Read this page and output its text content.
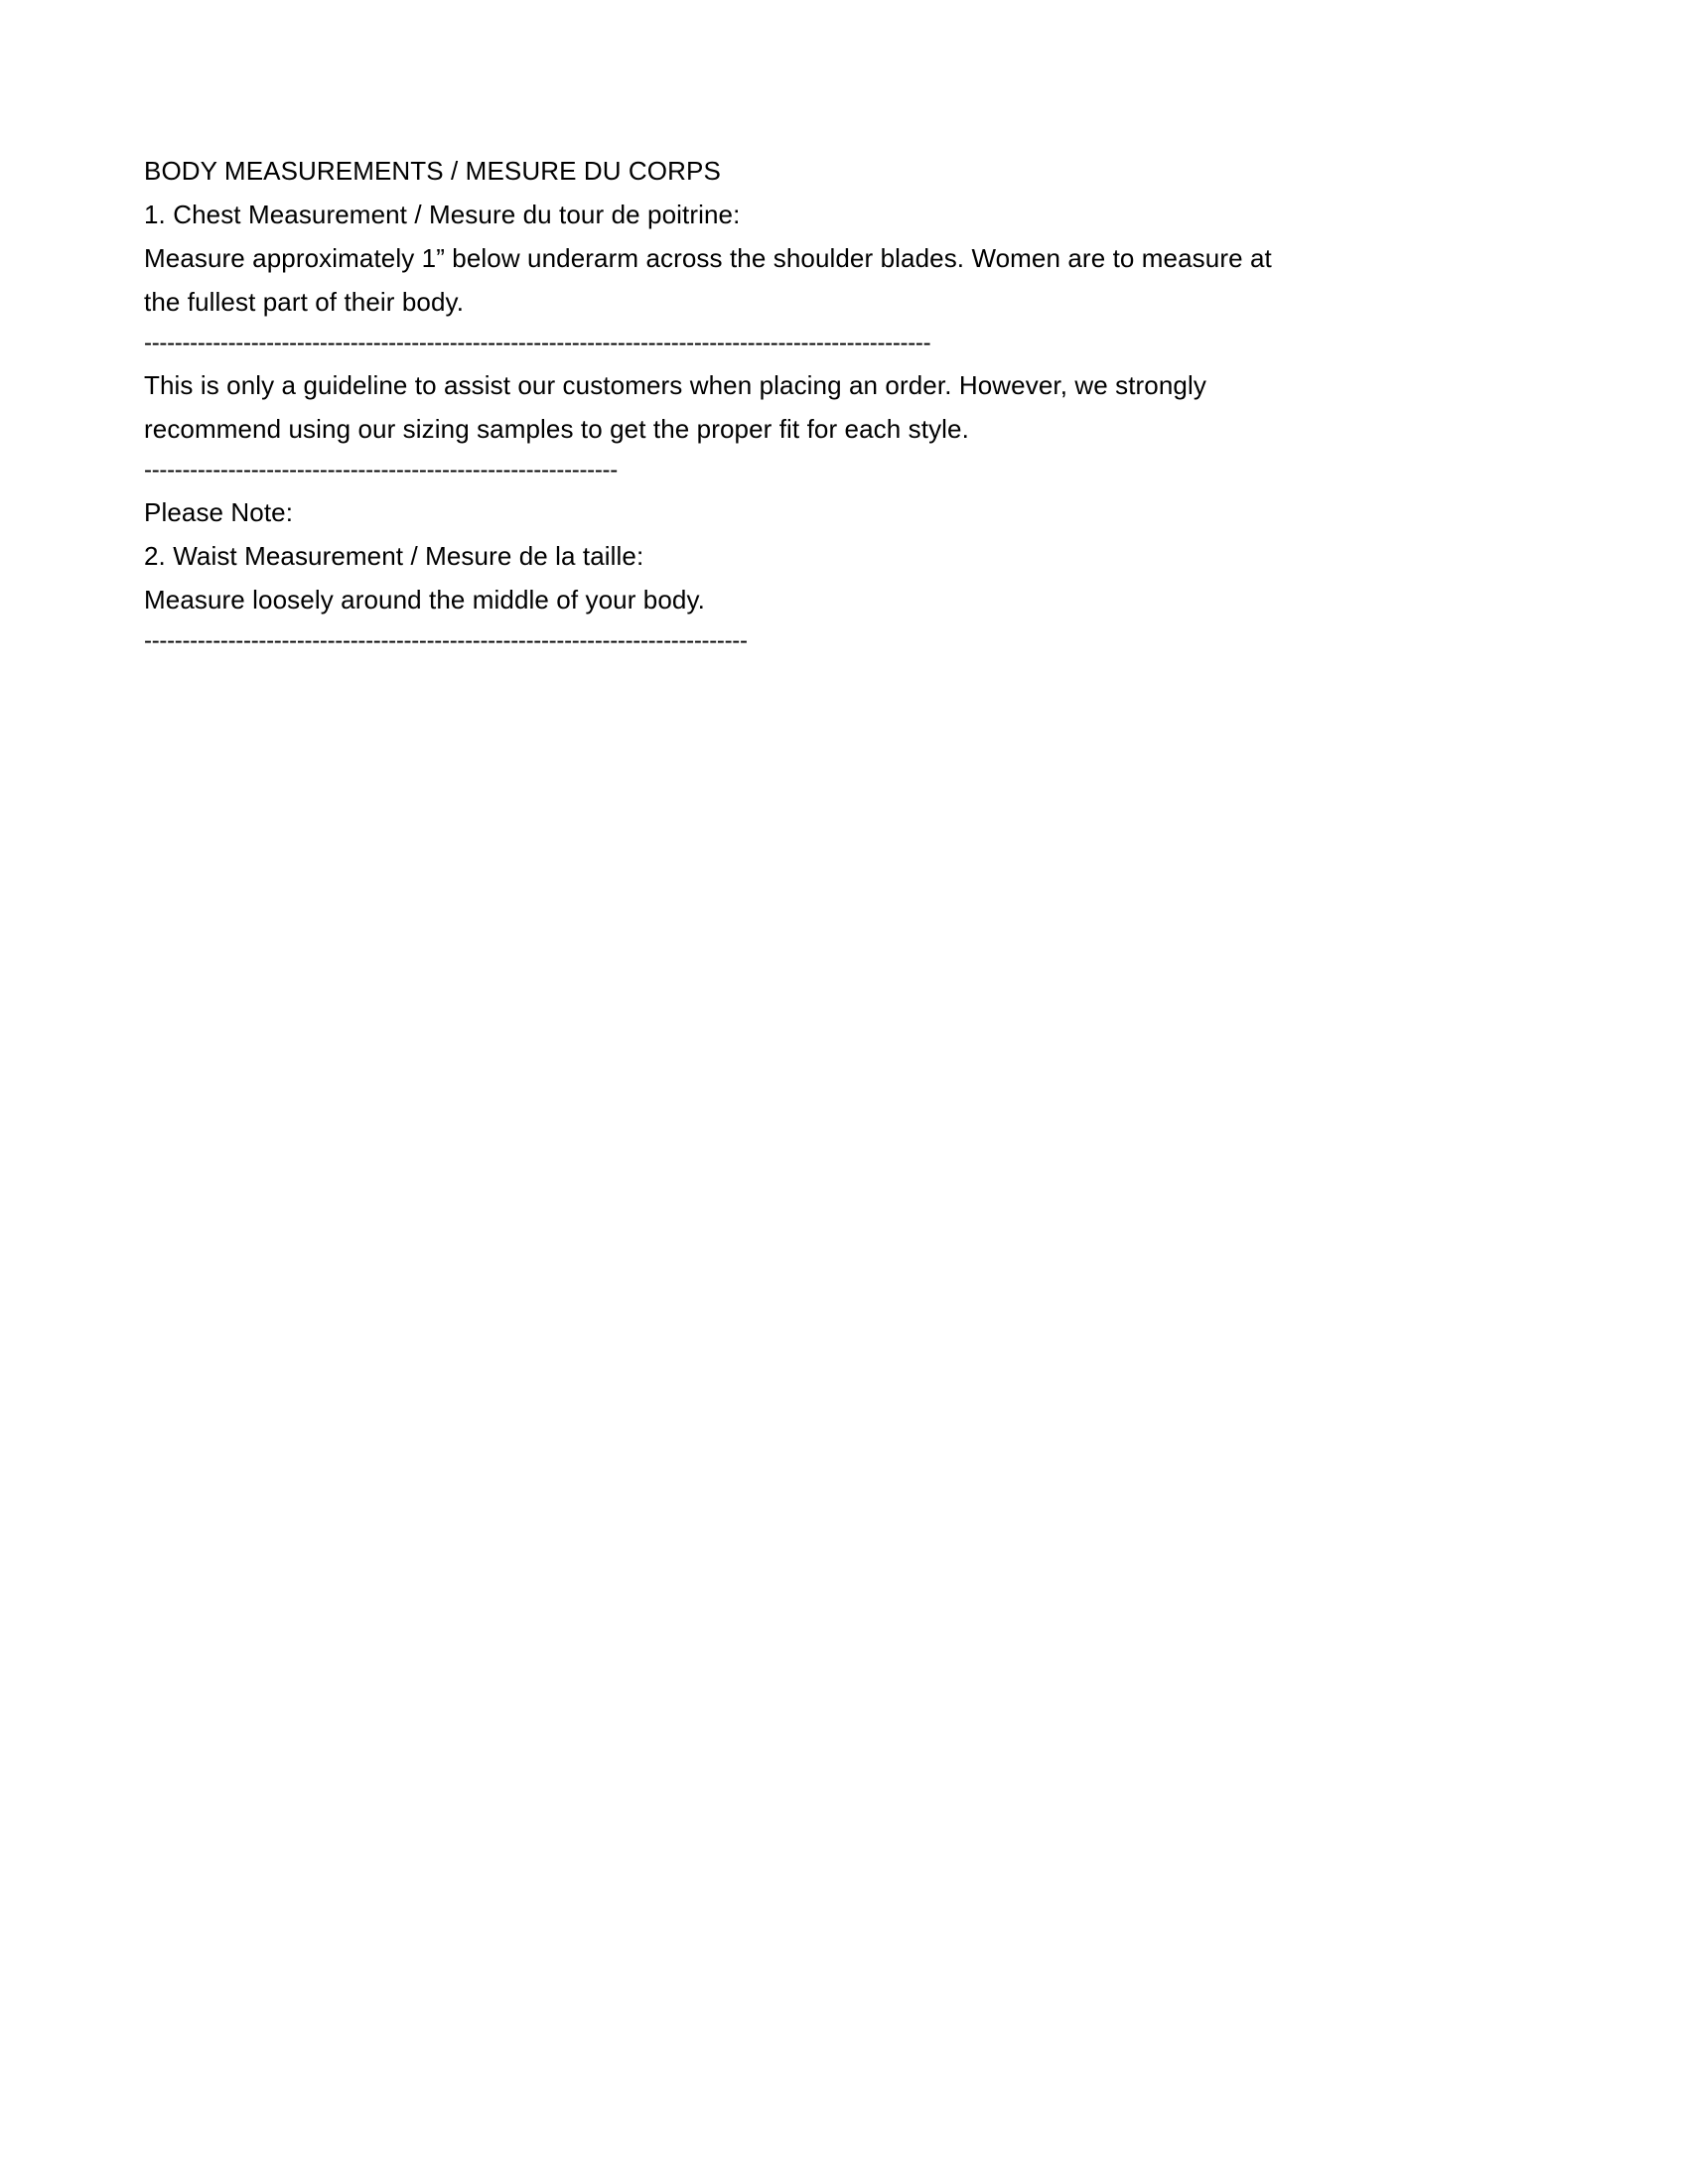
BODY MEASUREMENTS / MESURE DU CORPS
1. Chest Measurement / Mesure du tour de poitrine:
Measure approximately 1” below underarm across the shoulder blades. Women are to measure at the fullest part of their body.
-------------------------------------------------------------------------------------------------------
This is only a guideline to assist our customers when placing an order. However, we strongly recommend using our sizing samples to get the proper fit for each style.
--------------------------------------------------------------
Please Note:
2. Waist Measurement / Mesure de la taille:
Measure loosely around the middle of your body.
-------------------------------------------------------------------------------
